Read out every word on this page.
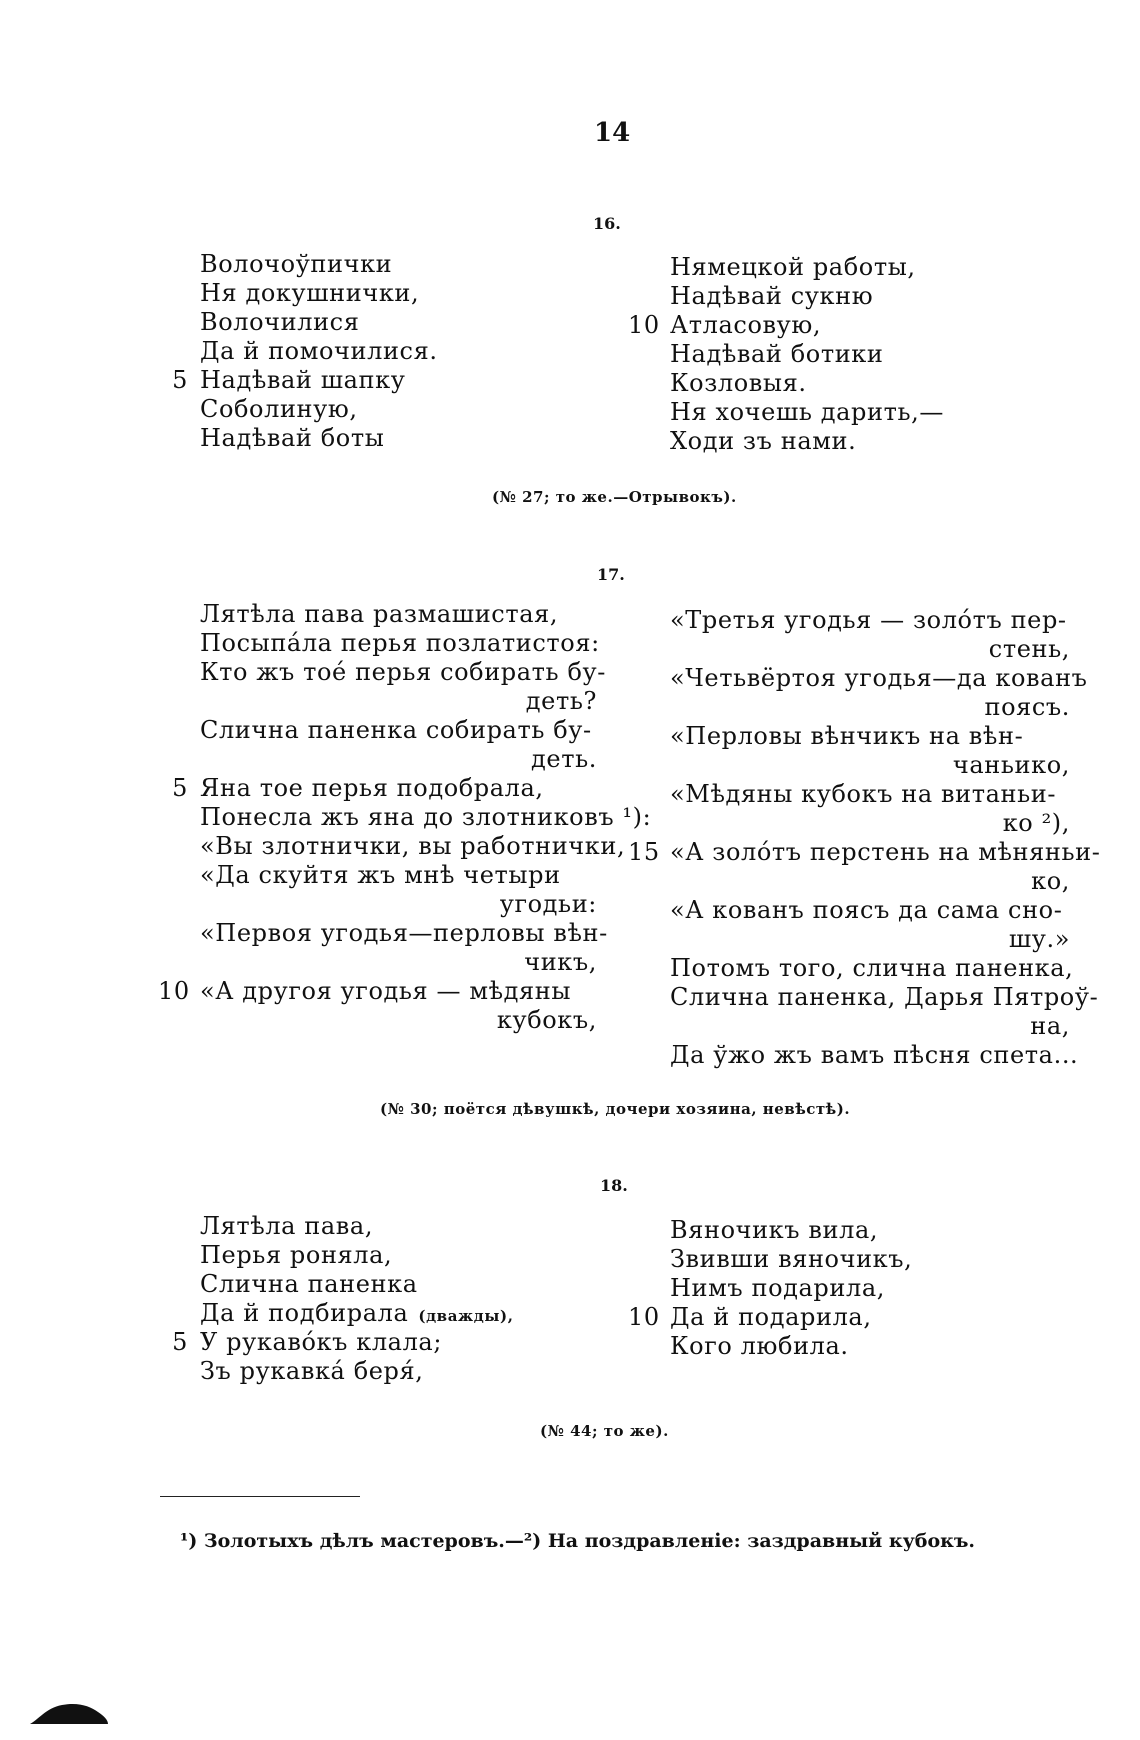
14
16.
Волочоўпички
Ня докушнички,
Волочилися
Да й помочилися.
5 Надѣвай шапку
Соболиную,
Надѣвай боты
Нямецкой работы,
Надѣвай сукню
10 Атласовую,
Надѣвай ботики
Козловыя.
Ня хочешь дарить,—
Ходи зъ нами.
(№ 27; то же.—Отрывокъ).
17.
Лятѣла пава размашистая,
Посыпа́ла перья позлатистоя:
Кто жъ тое́ перья собирать бу-
деть?
Слична паненка собирать бу-
деть.
5 Яна тое перья подобрала,
Понесла жъ яна до злотниковъ ¹):
«Вы злотнички, вы работнички,
«Да скуйтя жъ мнѣ четыри
угодьи:
«Первоя угодья—перловы вѣн-
чикъ,
10 «А другоя угодья — мѣдяны
кубокъ,
«Третья угодья — золо́тъ пер-
стень,
«Четьвёртоя угодья—да кованъ
поясъ.
«Перловы вѣнчикъ на вѣн-
чаньико,
«Мѣдяны кубокъ на витаньи-
ко ²),
15 «А золо́тъ перстень на мѣняньи-
ко,
«А кованъ поясъ да сама сно-
шу.»
Потомъ того, слична паненка,
Слична паненка, Дарья Пятроў-
на,
Да ўжо жъ вамъ пѣсня спета...
(№ 30; поётся дѣвушкѣ, дочери хозяина, невѣстѣ).
18.
Лятѣла пава,
Перья роняла,
Слична паненка
Да й подбирала (дважды),
5 У рукаво́къ клала;
Зъ рукавка́ беря́,
Вяночикъ вила,
Звивши вяночикъ,
Нимъ подарила,
10 Да й подарила,
Кого любила.
(№ 44; то же).
¹) Золотыхъ дѣлъ мастеровъ.—²) На поздравленіе: заздравный кубокъ.
